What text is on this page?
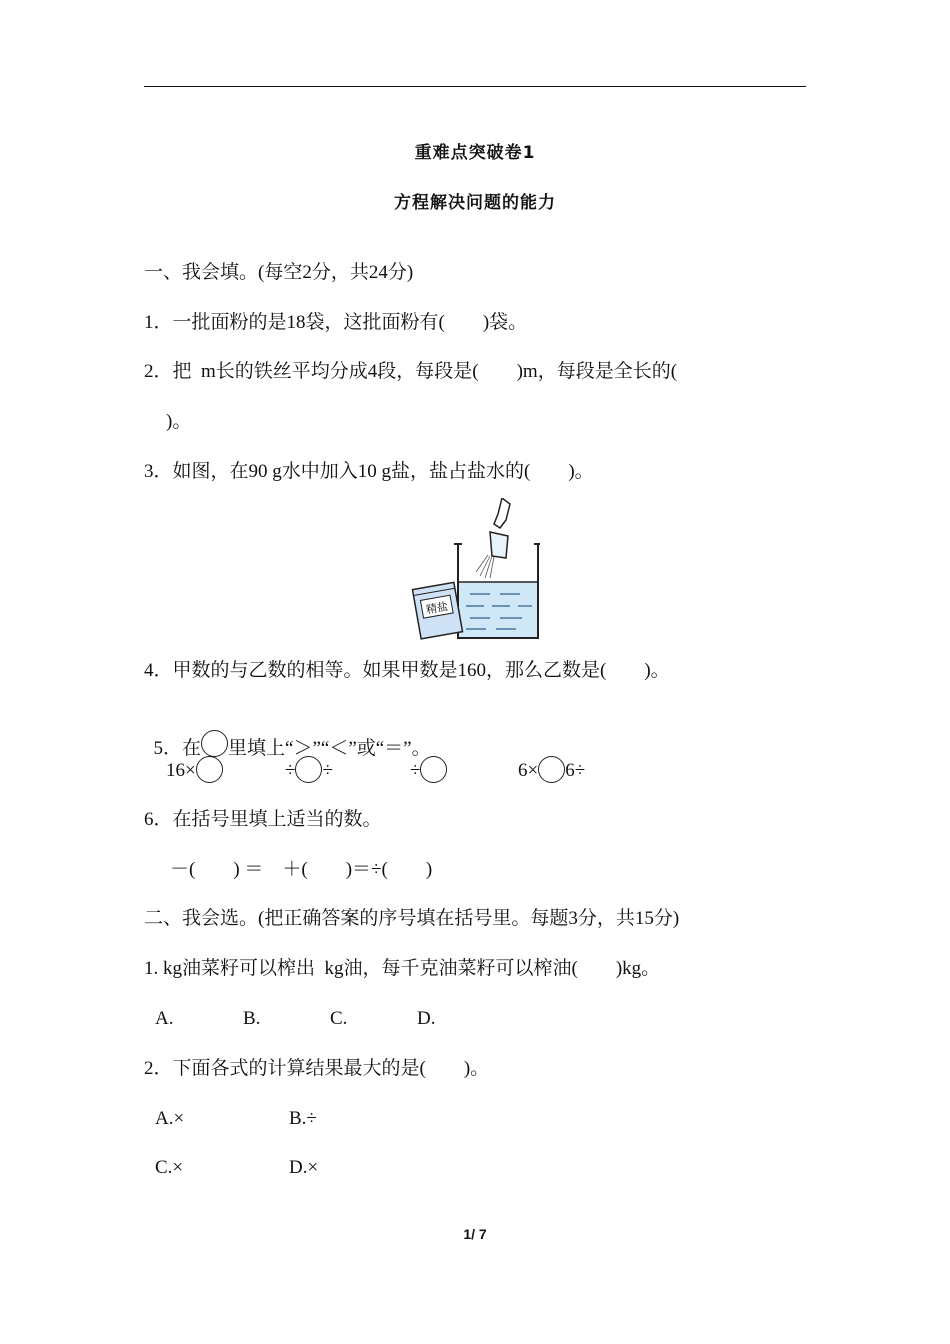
重难点突破卷1
方程解决问题的能力
一、我会填。(每空2分，共24分)
1．一批面粉的是18袋，这批面粉有(　　)袋。
2．把  m长的铁丝平均分成4段，每段是(　　)m，每段是全长的(
)。
3．如图，在90 g水中加入10 g盐，盐占盐水的(　　)。
精盐
4．甲数的与乙数的相等。如果甲数是160，那么乙数是(　　)。

5．在 里填上“＞”“＜”或“＝”。

16×	÷ ÷	÷	6× 6÷
6．在括号里填上适当的数。
－(　　) ＝　＋(　　)＝÷(　　)
二、我会选。(把正确答案的序号填在括号里。每题3分，共15分)
1. kg油菜籽可以榨出  kg油，每千克油菜籽可以榨油(　　)kg。
A.	B.	C.	D.
2．下面各式的计算结果最大的是(　　)。
A.×	B.÷
C.×	D.×
1/ 7
